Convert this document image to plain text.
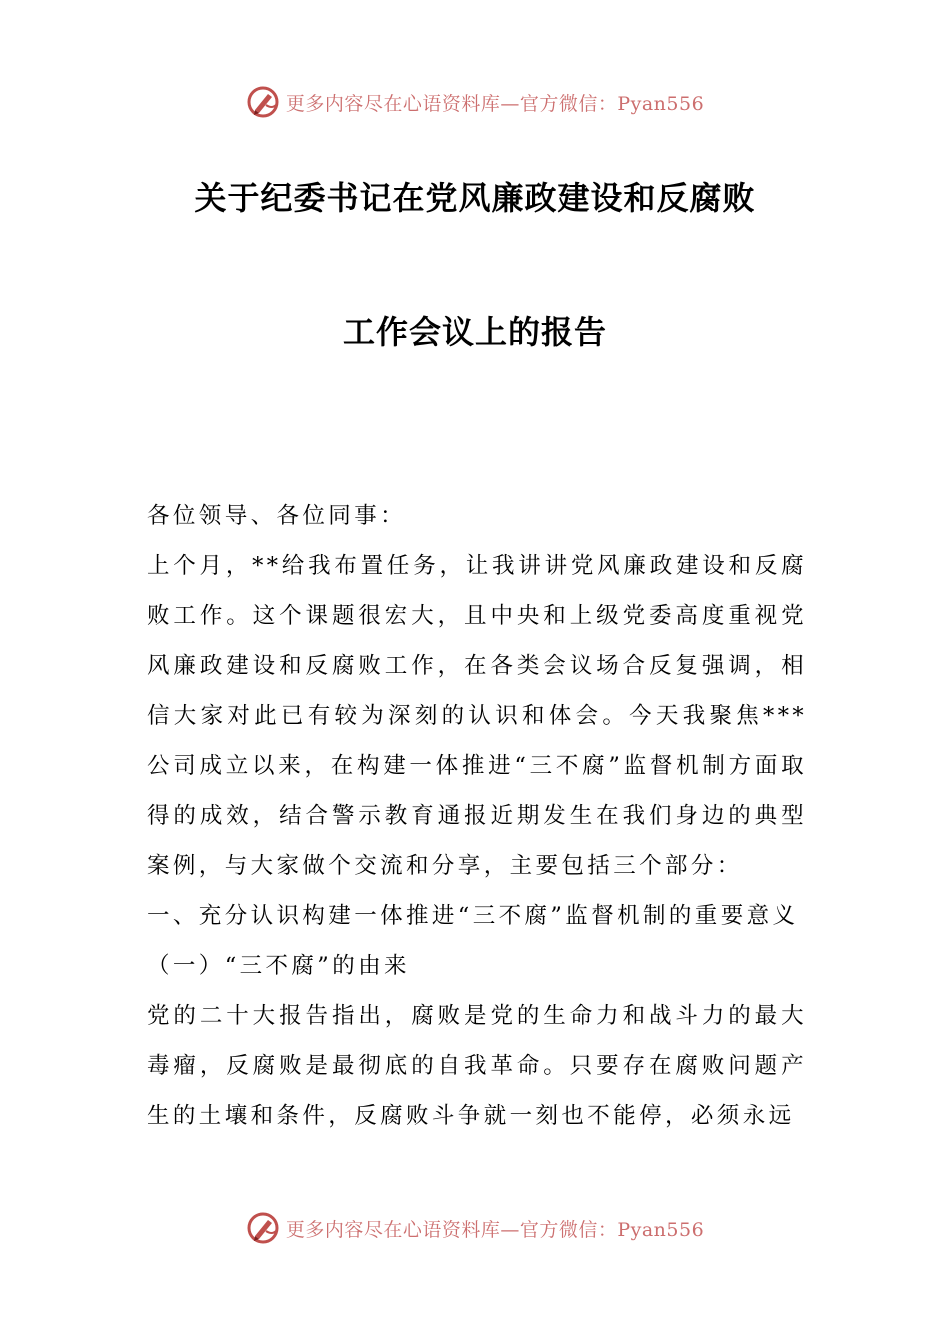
更多内容尽在心语资料库—官方微信：Pyan556
关于纪委书记在党风廉政建设和反腐败
工作会议上的报告

各位领导、各位同事：

上个月，**给我布置任务，让我讲讲党风廉政建设和反腐败工作。这个课题很宏大，且中央和上级党委高度重视党风廉政建设和反腐败工作，在各类会议场合反复强调，相信大家对此已有较为深刻的认识和体会。今天我聚焦***公司成立以来，在构建一体推进“三不腐”监督机制方面取得的成效，结合警示教育通报近期发生在我们身边的典型案例，与大家做个交流和分享，主要包括三个部分：

一、充分认识构建一体推进“三不腐”监督机制的重要意义

（一）“三不腐”的由来

党的二十大报告指出，腐败是党的生命力和战斗力的最大毒瘤，反腐败是最彻底的自我革命。只要存在腐败问题产生的土壤和条件，反腐败斗争就一刻也不能停，必须永远

更多内容尽在心语资料库—官方微信：Pyan556
